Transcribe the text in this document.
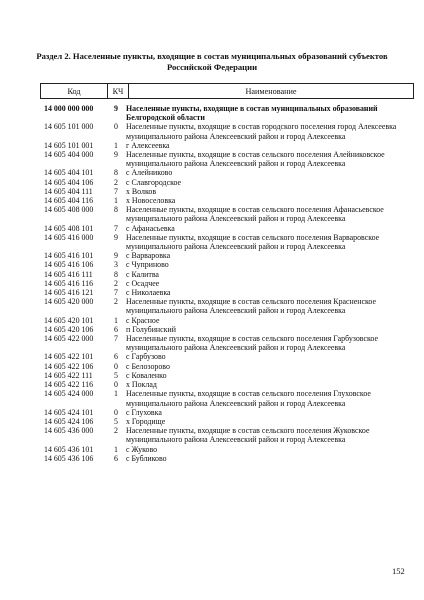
Раздел 2. Населенные пункты, входящие в состав муниципальных образований субъектов Российской Федерации
Код	КЧ	Наименование
14 000 000 000	9	Населенные пункты, входящие в состав муниципальных образований Белгородской области
14 605 101 000	0	Населенные пункты, входящие в состав городского поселения город Алексеевка муниципального района Алексеевский район и город Алексеевка
14 605 101 001	1	г Алексеевка
14 605 404 000	9	Населенные пункты, входящие в состав сельского поселения Алейниковское муниципального района Алексеевский район и город Алексеевка
14 605 404 101	8	с Алейниково
14 605 404 106	2	с Славгородское
14 605 404 111	7	х Волков
14 605 404 116	1	х Новоселовка
14 605 408 000	8	Населенные пункты, входящие в состав сельского поселения Афанасьевское муниципального района Алексеевский район и город Алексеевка
14 605 408 101	7	с Афанасьевка
14 605 416 000	9	Населенные пункты, входящие в состав сельского поселения Варваровское муниципального района Алексеевский район и город Алексеевка
14 605 416 101	9	с Варваровка
14 605 416 106	3	с Чуприново
14 605 416 111	8	с Калитва
14 605 416 116	2	с Осадчее
14 605 416 121	7	с Николаевка
14 605 420 000	2	Населенные пункты, входящие в состав сельского поселения Красненское муниципального района Алексеевский район и город Алексеевка
14 605 420 101	1	с Красное
14 605 420 106	6	п Голубинский
14 605 422 000	7	Населенные пункты, входящие в состав сельского поселения Гарбузовское муниципального района Алексеевский район и город Алексеевка
14 605 422 101	6	с Гарбузово
14 605 422 106	0	с Белозорово
14 605 422 111	5	с Коваленко
14 605 422 116	0	х Поклад
14 605 424 000	1	Населенные пункты, входящие в состав сельского поселения Глуховское муниципального района Алексеевский район и город Алексеевка
14 605 424 101	0	с Глуховка
14 605 424 106	5	х Городище
14 605 436 000	2	Населенные пункты, входящие в состав сельского поселения Жуковское муниципального района Алексеевский район и город Алексеевка
14 605 436 101	1	с Жуково
14 605 436 106	6	с Бубликово
152
